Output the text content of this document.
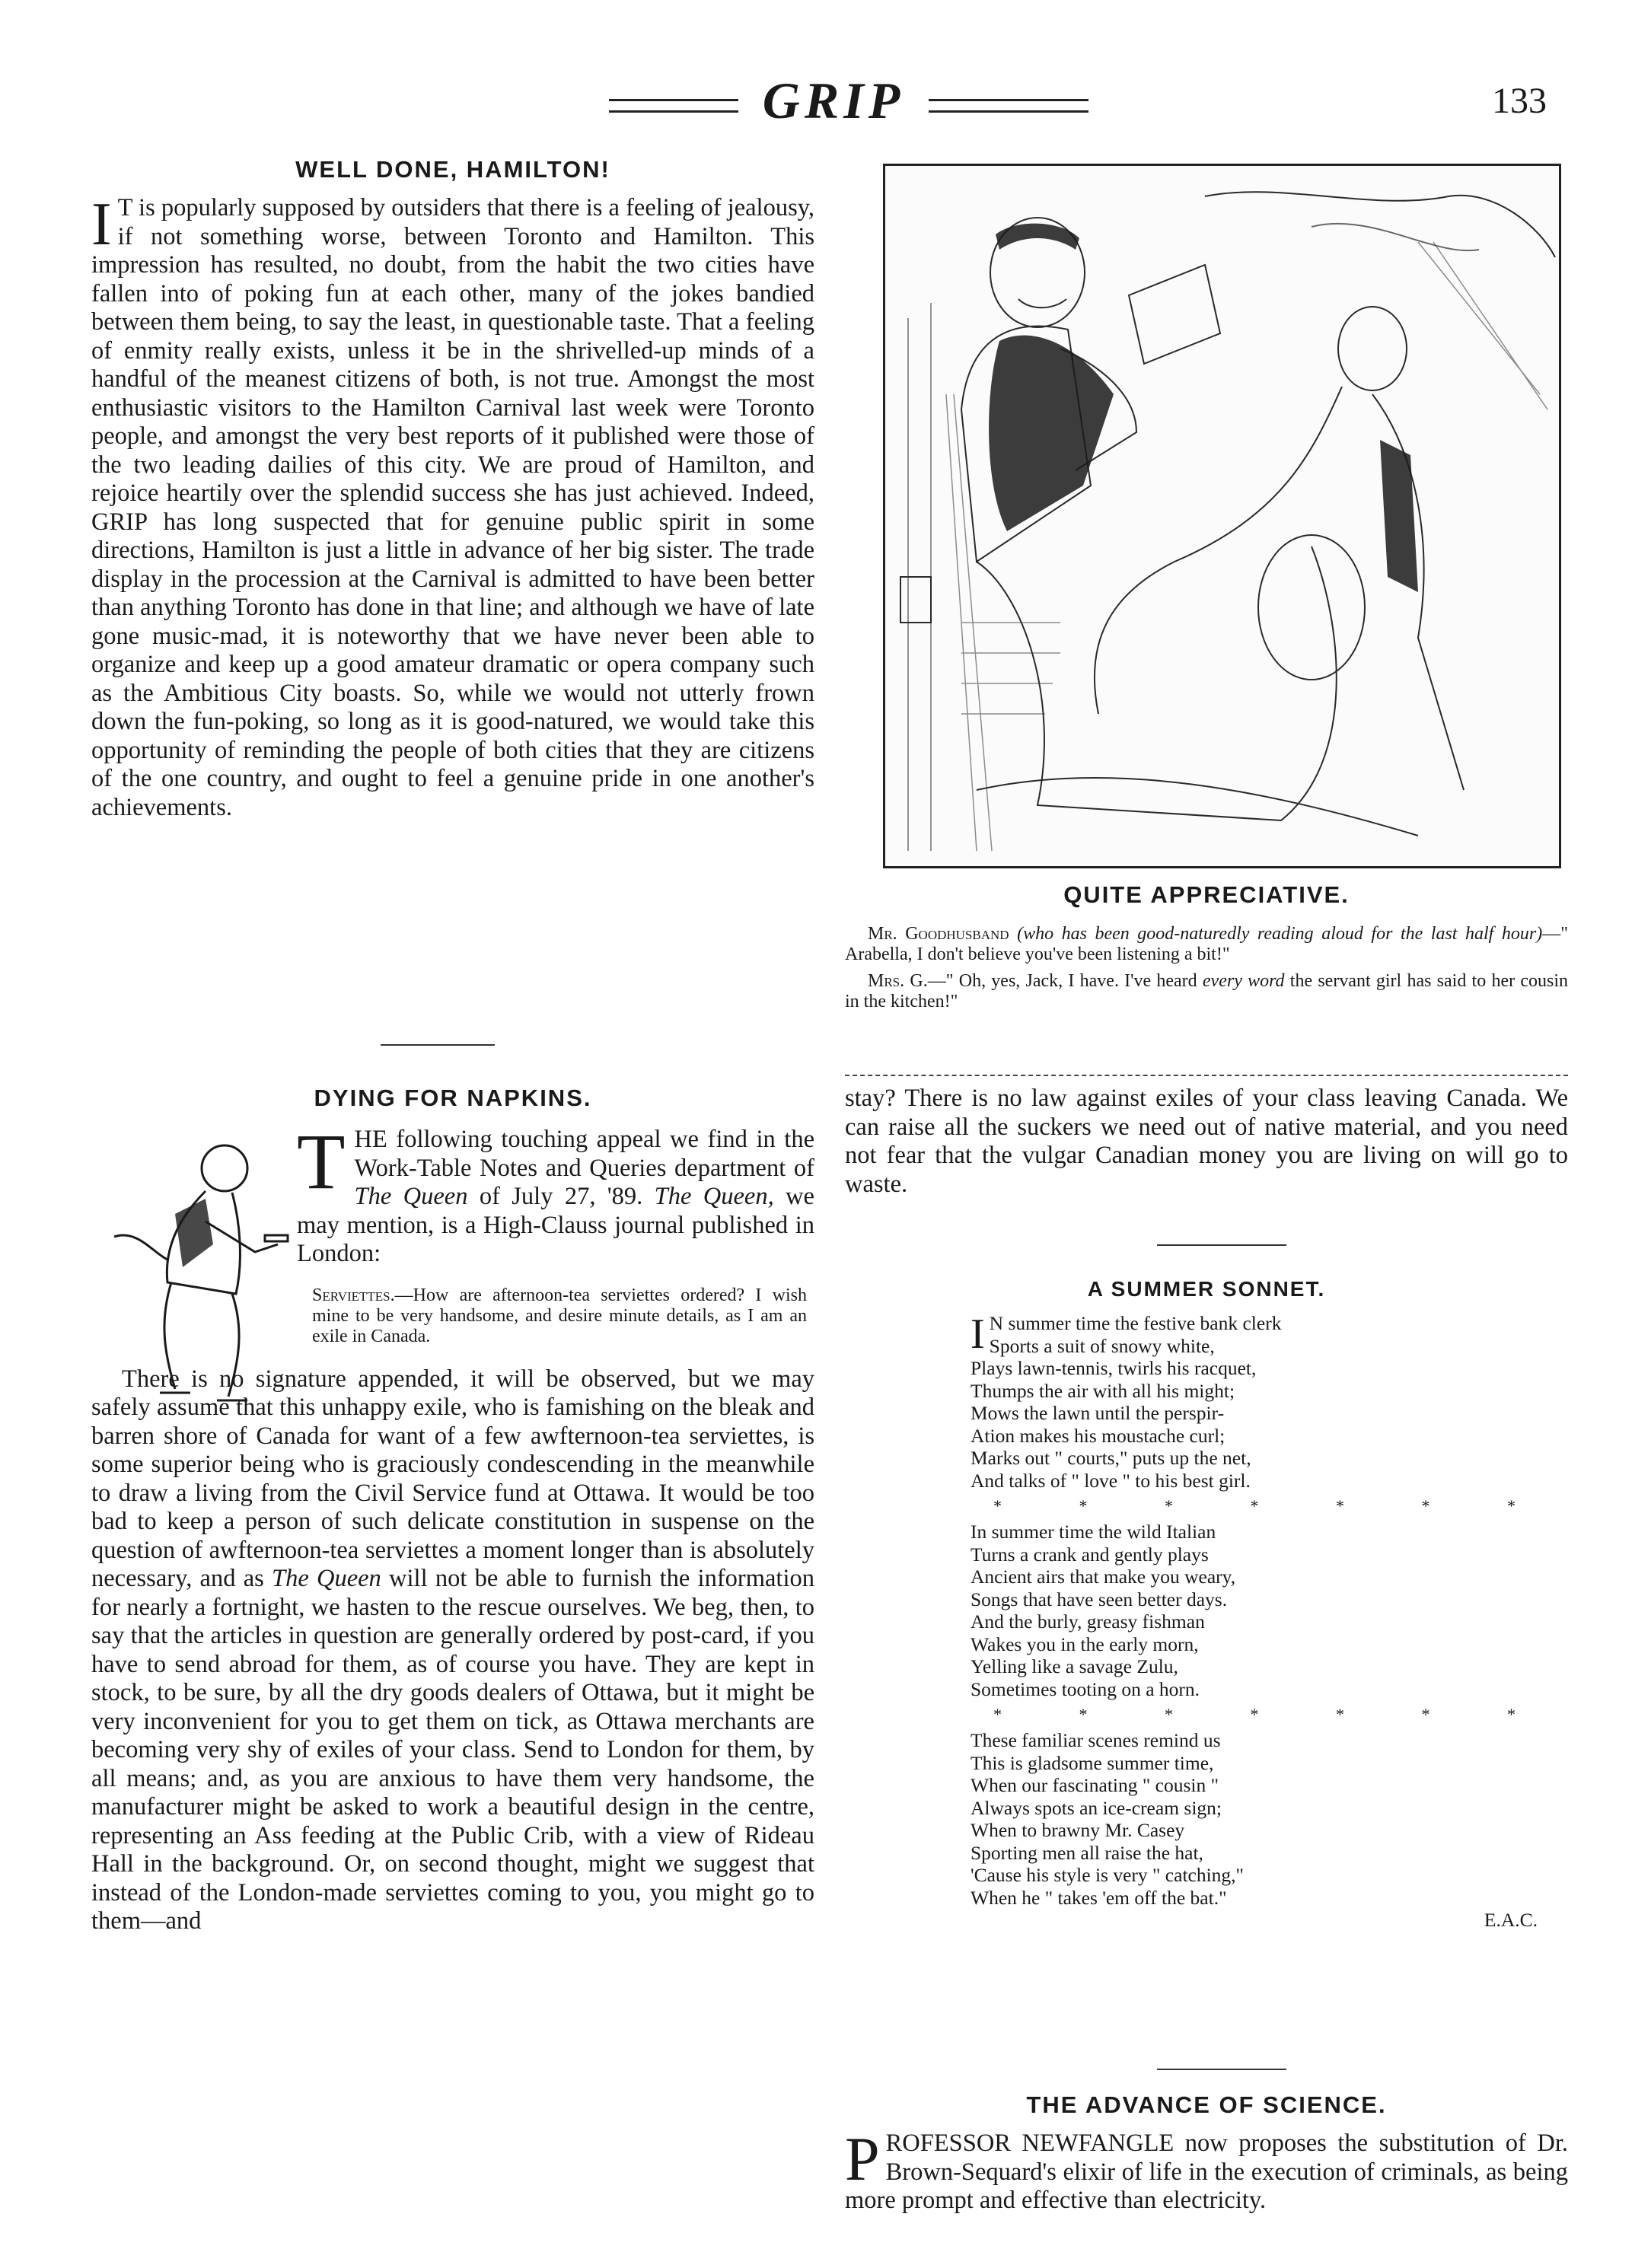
GRIP	133
WELL DONE, HAMILTON!

I T is popularly supposed by outsiders that there is a feeling of jealousy, if not something worse, between Toronto and Hamilton. This impression has resulted, no doubt, from the habit the two cities have fallen into of poking fun at each other, many of the jokes bandied between them being, to say the least, in questionable taste. That a feeling of enmity really exists, unless it be in the shrivelled-up minds of a handful of the meanest citizens of both, is not true. Amongst the most enthusiastic visitors to the Hamilton Carnival last week were Toronto people, and amongst the very best reports of it published were those of the two leading dailies of this city. We are proud of Hamilton, and rejoice heartily over the splendid success she has just achieved. Indeed, GRIP has long suspected that for genuine public spirit in some directions, Hamilton is just a little in advance of her big sister. The trade display in the procession at the Carnival is admitted to have been better than anything Toronto has done in that line; and although we have of late gone music-mad, it is noteworthy that we have never been able to organize and keep up a good amateur dramatic or opera company such as the Ambitious City boasts. So, while we would not utterly frown down the fun-poking, so long as it is good-natured, we would take this opportunity of reminding the people of both cities that they are citizens of the one country, and ought to feel a genuine pride in one another's achievements.

DYING FOR NAPKINS.

THE following touching appeal we find in the Work-Table Notes and Queries department of The Queen of July 27, '89. The Queen, we may mention, is a High-Clauss journal published in London:

Serviettes.—How are afternoon-tea serviettes ordered? I wish mine to be very handsome, and desire minute details, as I am an exile in Canada.

There is no signature appended, it will be observed, but we may safely assume that this unhappy exile, who is famishing on the bleak and barren shore of Canada for want of a few awfternoon-tea serviettes, is some superior being who is graciously condescending in the meanwhile to draw a living from the Civil Service fund at Ottawa. It would be too bad to keep a person of such delicate constitution in suspense on the question of awfternoon-tea serviettes a moment longer than is absolutely necessary, and as The Queen will not be able to furnish the information for nearly a fortnight, we hasten to the rescue ourselves. We beg, then, to say that the articles in question are generally ordered by post-card, if you have to send abroad for them, as of course you have. They are kept in stock, to be sure, by all the dry goods dealers of Ottawa, but it might be very inconvenient for you to get them on tick, as Ottawa merchants are becoming very shy of exiles of your class. Send to London for them, by all means; and, as you are anxious to have them very handsome, the manufacturer might be asked to work a beautiful design in the centre, representing an Ass feeding at the Public Crib, with a view of Rideau Hall in the background. Or, on second thought, might we suggest that instead of the London-made serviettes coming to you, you might go to them—and

QUITE APPRECIATIVE.

Mr. Goodhusband (who has been good-naturedly reading aloud for the last half hour)—" Arabella, I don't believe you've been listening a bit!"

Mrs. G.—" Oh, yes, Jack, I have. I've heard every word the servant girl has said to her cousin in the kitchen!"

stay? There is no law against exiles of your class leaving Canada. We can raise all the suckers we need out of native material, and you need not fear that the vulgar Canadian money you are living on will go to waste.

A SUMMER SONNET.
I N summer time the festive bank clerk
Sports a suit of snowy white,
Plays lawn-tennis, twirls his racquet,
Thumps the air with all his might;
Mows the lawn until the perspir-
Ation makes his moustache curl;
Marks out " courts," puts up the net,
And talks of " love " to his best girl.
* * * * * * *
In summer time the wild Italian
Turns a crank and gently plays
Ancient airs that make you weary,
Songs that have seen better days.
And the burly, greasy fishman
Wakes you in the early morn,
Yelling like a savage Zulu,
Sometimes tooting on a horn.
* * * * * * *
These familiar scenes remind us
This is gladsome summer time,
When our fascinating " cousin "
Always spots an ice-cream sign;
When to brawny Mr. Casey
Sporting men all raise the hat,
'Cause his style is very " catching,"
When he " takes 'em off the bat."
E.A.C.
THE ADVANCE OF SCIENCE.

PROFESSOR NEWFANGLE now proposes the substitution of Dr. Brown-Sequard's elixir of life in the execution of criminals, as being more prompt and effective than electricity.
